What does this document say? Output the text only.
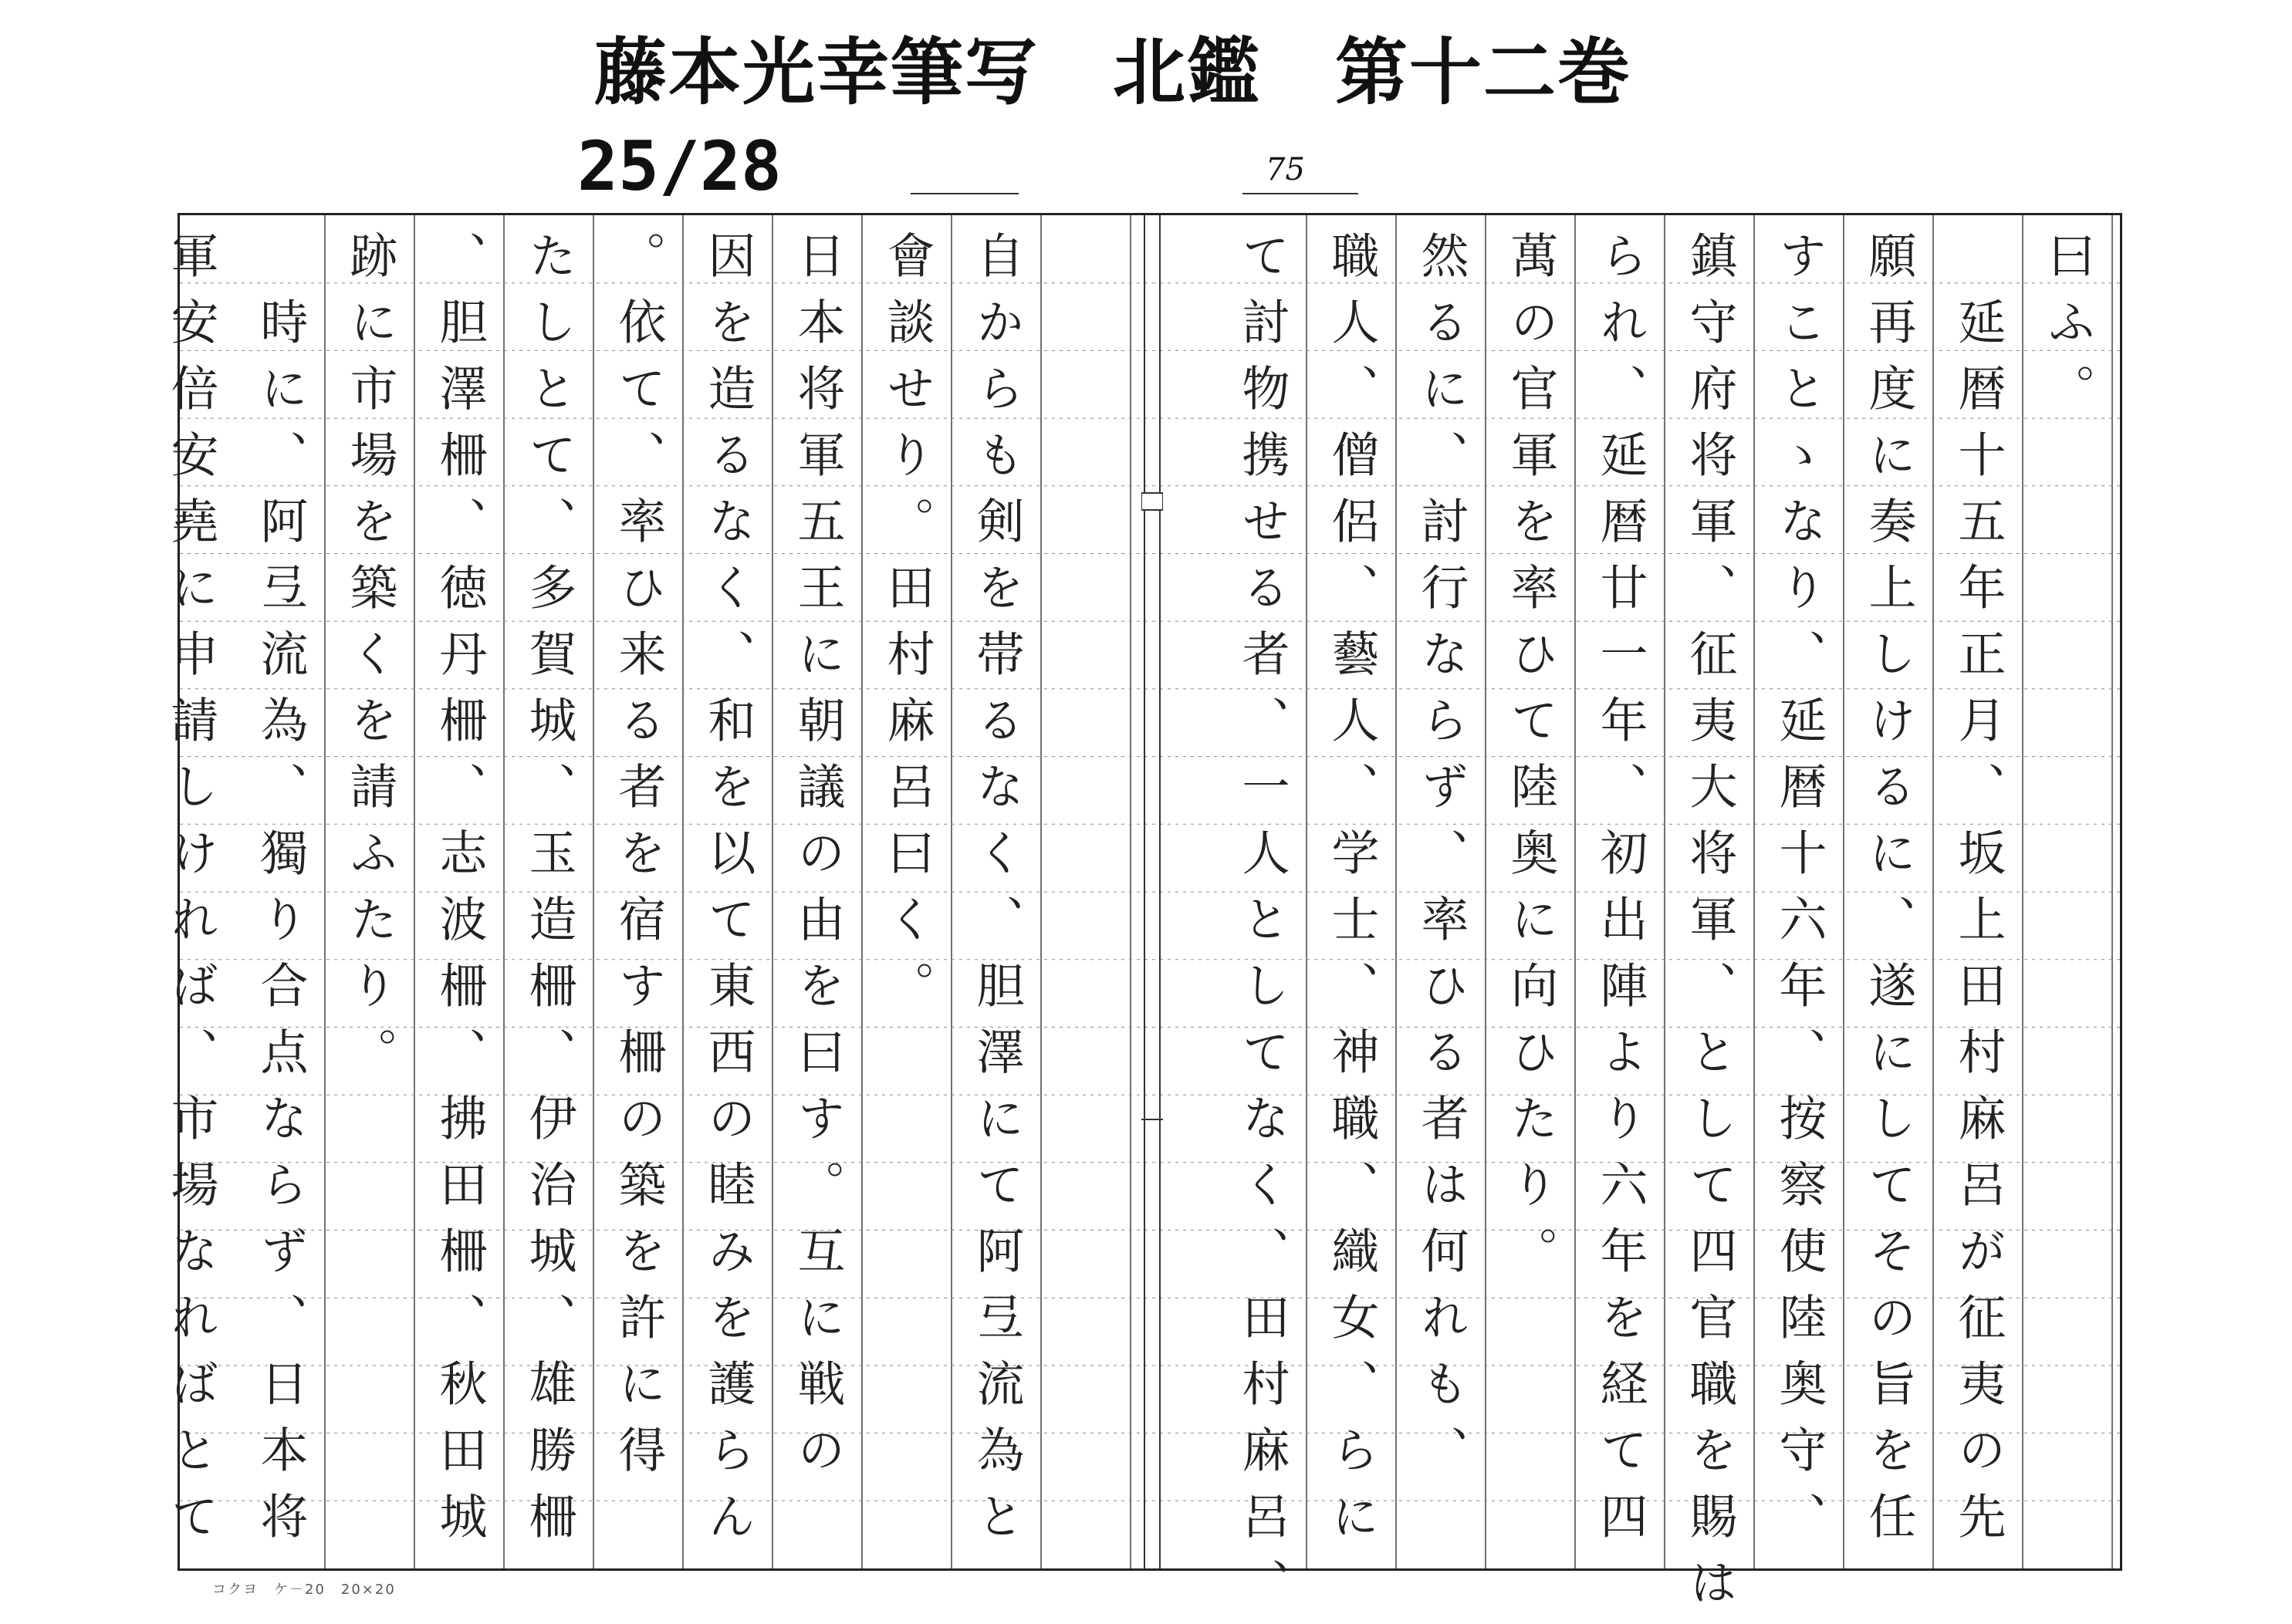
藤本光幸筆写　北鑑　第十二巻
25/28	75
曰ふ。
　延暦十五年正月、坂上田村麻呂が征夷の先
願再度に奏上しけるに、遂にしてその旨を任
すことゝなり、延暦十六年、按察使陸奥守、
鎮守府将軍、征夷大将軍、として四官職を賜は
られ、延暦廿一年、初出陣より六年を経て四
萬の官軍を率ひて陸奥に向ひたり。
然るに、討行ならず、率ひる者は何れも、
職人、僧侶、藝人、学士、神職、織女、らに
て討物携せる者、一人としてなく、田村麻呂、
自からも剣を帯るなく、胆澤にて阿弖流為と
會談せり。田村麻呂曰く。
日本将軍五王に朝議の由を曰す。互に戦の
因を造るなく、和を以て東西の睦みを護らん
。依て、率ひ来る者を宿す柵の築を許に得
たしとて、多賀城、玉造柵、伊治城、雄勝柵
、胆澤柵、徳丹柵、志波柵、拂田柵、秋田城
跡に市場を築くを請ふたり。
　時に、阿弖流為、獨り合点ならず、日本将
軍安倍安堯に申請しければ、市場なればとて
コクヨ　ケ－20　20×20
